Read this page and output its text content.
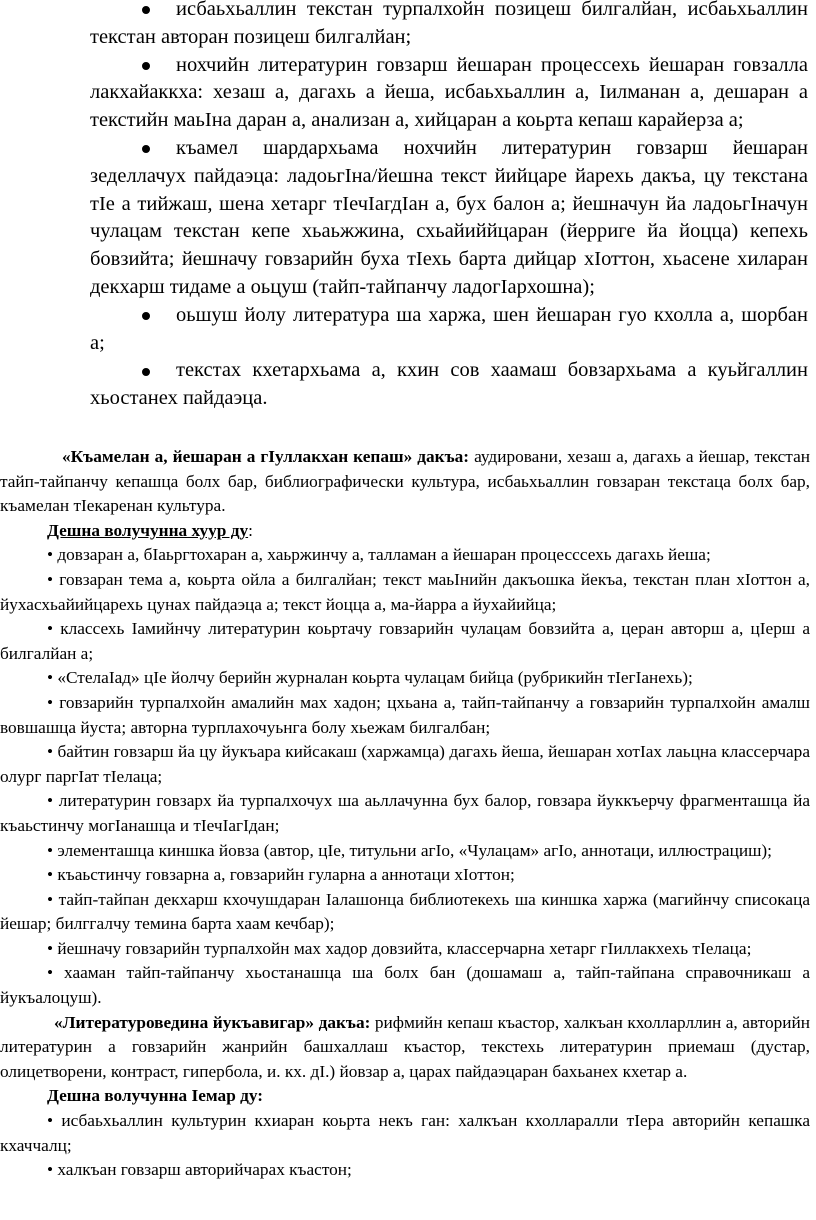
исбаьхьаллин текстан турпалхойн позицеш билгалйан, исбаьхьаллин текстан авторан позицеш билгалйан;

нохчийн литературин говзарш йешаран процессехь йешаран говзалла лакхайаккха: хезаш а, дагахь а йеша, исбаьхьаллин а, Iилманан а, дешаран а текстийн маьIна даран а, анализан а, хийцаран а коьрта кепаш карайерза а;

къамел шардархьама нохчийн литературин говзарш йешаран зеделлачух пайдаэца: ладоьгIна/йешна текст йийцаре йарехь дакъа, цу текстана тIе а тийжаш, шена хетарг тIечIагдIан а, бух балон а; йешначун йа ладоьгIначун чулацам текстан кепе хьаьжжина, схьайиййцаран (йерриге йа йоцца) кепехь бовзийта; йешначу говзарийн буха тIехь барта дийцар хIоттон, хьасене хиларан декхарш тидаме а оьцуш (тайп-тайпанчу ладогIархошна);

оьшуш йолу литература ша харжа, шен йешаран гуо кхолла а, шорбан а;

текстах кхетархьама а, кхин сов хаамаш бовзархьама а куьйгаллин хьостанех пайдаэца.

«Къамелан а, йешаран а гIуллакхан кепаш» дакъа: аудировани, хезаш а, дагахь а йешар, текстан тайп-тайпанчу кепашца болх бар, библиографически культура, исбаьхьаллин говзаран текстаца болх бар, къамелан тIекаренан культура.

Дешна волучунна хуур ду:

• довзаран а, бIаьргтохаран а, хаьржинчу а, талламан а йешаран процесссехь дагахь йеша;

• говзаран тема а, коьрта ойла а билгалйан; текст маьIнийн дакъошка йекъа, текстан план хIоттон а, йухасхьайийцарехь цунах пайдаэца а; текст йоцца а, ма-йарра а йухайийца;

• классехь Iамийнчу литературин коьртачу говзарийн чулацам бовзийта а, церан авторш а, цIерш а билгалйан а;

• «СтелаIад» цIе йолчу берийн журналан коьрта чулацам бийца (рубрикийн тIегIанехь);

• говзарийн турпалхойн амалийн мах хадон; цхьана а, тайп-тайпанчу а говзарийн турпалхойн амалш вовшашца йуста; авторна турплахочуьнга болу хьежам билгалбан;

• байтин говзарш йа цу йукъара кийсакаш (харжамца) дагахь йеша, йешаран хотIах лаьцна классерчара олург паргIат тIелаца;

• литературин говзарх йа турпалхочух ша аьллачунна бух балор, говзара йуккъерчу фрагменташца йа къаьстинчу могIанашца и тIечIагIдан;

• элементашца киншка йовза (автор, цIе, титульни агIо, «Чулацам» агIо, аннотаци, иллюстрациш);

• къаьстинчу говзарна а, говзарийн гуларна а аннотаци хIоттон;

• тайп-тайпан декхарш кхочушдаран Iалашонца библиотекехь ша киншка харжа (магийнчу списокаца йешар; билггалчу темина барта хаам кечбар);

• йешначу говзарийн турпалхойн мах хадор довзийта, классерчарна хетарг гIиллакхехь тIелаца;

• хааман тайп-тайпанчу хьостанашца ша болх бан (дошамаш а, тайп-тайпана справочникаш а йукъалоцуш).

«Литературоведина йукъавигар» дакъа: рифмийн кепаш къастор, халкъан кхолларллин а, авторийн литературин а говзарийн жанрийн башхаллаш къастор, текстехь литературин приемаш (дустар, олицетворени, контраст, гипербола, и. кх. дI.) йовзар а, царах пайдаэцаран бахьанех кхетар а.

Дешна волучунна Iемар ду:

• исбаьхьаллин культурин кхиаран коьрта некъ ган: халкъан кхолларалли тIера авторийн кепашка кхаччалц;

• халкъан говзарш авторийчарах къастон;
